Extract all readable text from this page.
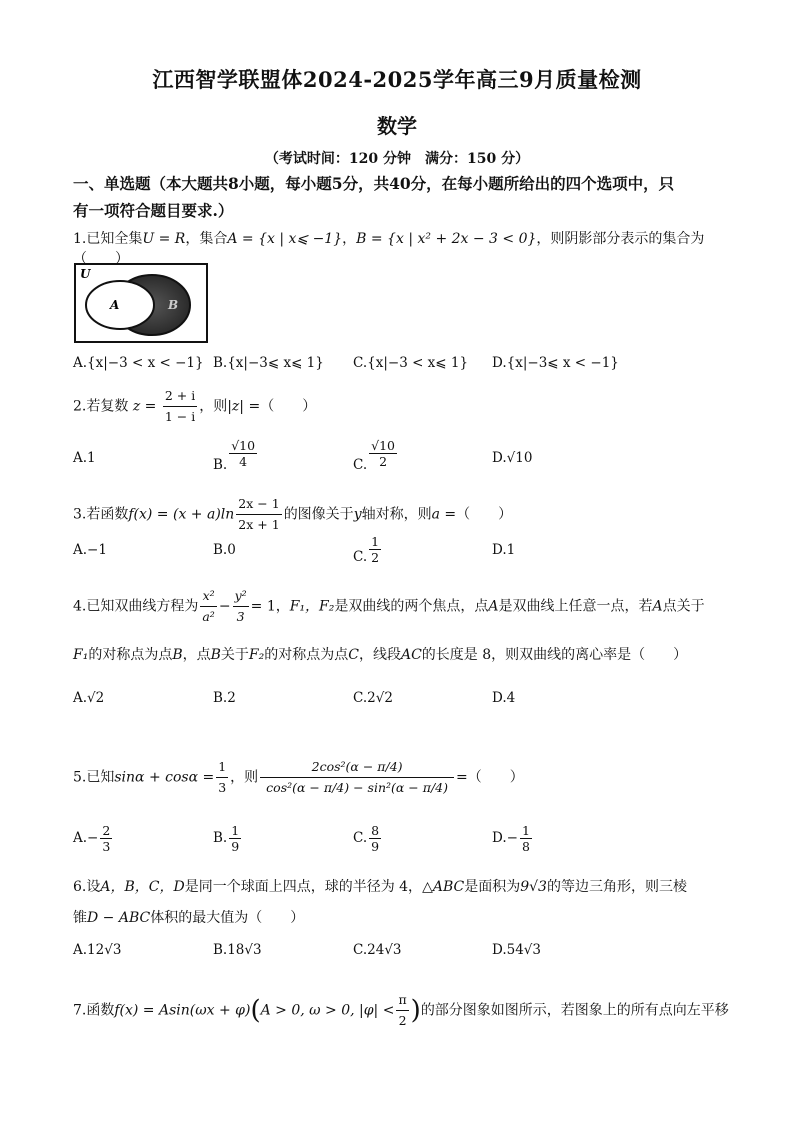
江西智学联盟体2024-2025学年高三9月质量检测
数学
（考试时间：120 分钟　满分：150 分）
一、单选题（本大题共8小题，每小题5分，共40分，在每小题所给出的四个选项中，只
有一项符合题目要求.）
1.已知全集U = R，集合A = {x | x⩽ −1}，B = {x | x² + 2x − 3 < 0}，则阴影部分表示的集合为（　　）
U
A	B
A.{x|−3 < x < −1} B.{x|−3⩽ x⩽ 1} C.{x|−3 < x⩽ 1} D.{x|−3⩽ x < −1}
2.若复数 $z = \frac{2 + i}{1 - i}$ ，则|z| =（　　）
A.1	B. $\frac{√10}{4}$	C. $\frac{√10}{2}$	D.√10
3.若函数$f(x) = (x + a)\ln \frac{2x - 1}{2x + 1}$ 的图像关于y轴对称，则a =（　　）
A.−1	B.0	C. $\frac{1}{2}$	D.1
4.已知双曲线方程为 $\frac{\text{x²}}{\text{a²}} - \frac{\text{y²}}{3} = 1$，F₁，F₂是双曲线的两个焦点，点A是双曲线上任意一点，若A点关于
F₁的对称点为点B，点B关于F₂的对称点为点C，线段AC的长度是 8，则双曲线的离心率是（　　）
A.√2	B.2	C.2√2	D.4
5.已知$\sin\alpha + \cos\alpha = \frac{1}{3}$ ，则 $\frac{\text{2cos²(α − π/4)}}{\text{cos²(α − π/4) − sin²(α − π/4)}}$ =（　　）
$A.- \frac{2}{3}$	B. $\frac{1}{9}$	C. $\frac{8}{9}$	$D.- \frac{1}{8}$
6.设A，B，C，D是同一个球面上四点，球的半径为 4，△ABC是面积为9√3的等边三角形，则三棱
锥D − ABC体积的最大值为（　　）
A.12√3	B.18√3	C.24√3	D.54√3
7.函数f(x) = Asin(ωx + φ)(A > 0, ω > 0, $|\varphi| < \frac{\pi}{2}$ )的部分图象如图所示，若图象上的所有点向左平移
